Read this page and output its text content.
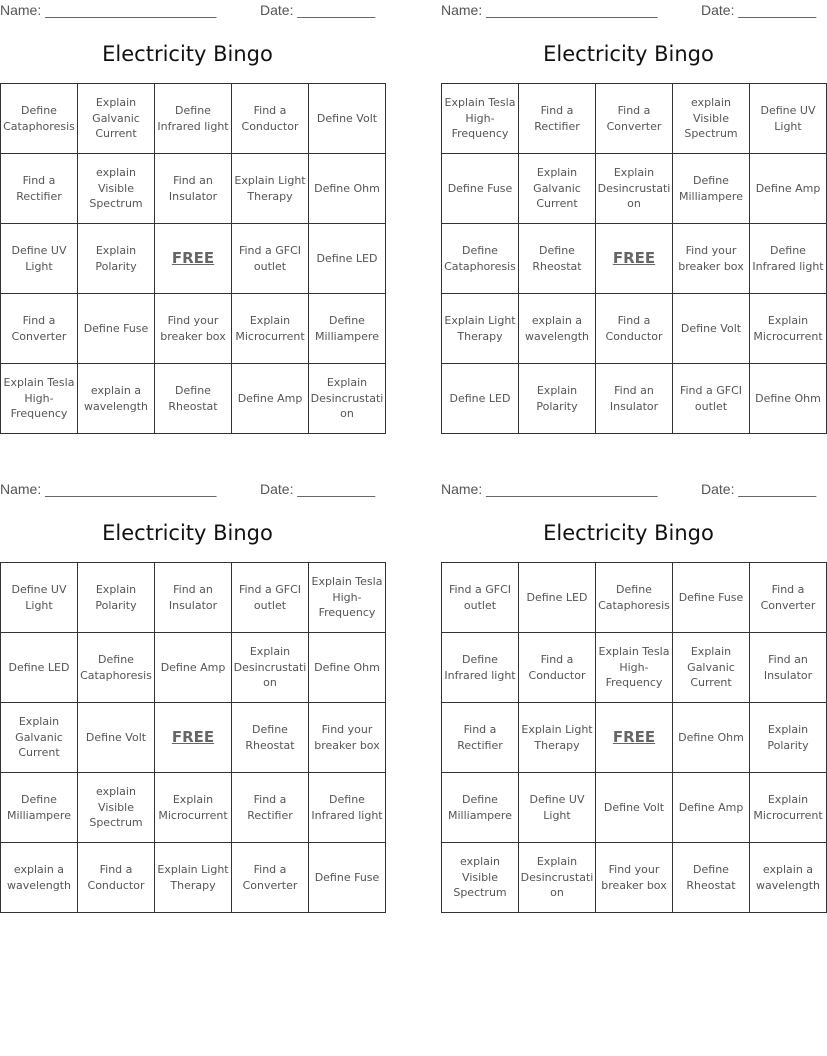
Name: ______________________	Date: __________
Electricity Bingo
Define Cataphoresis	Explain Galvanic Current	Define Infrared light	Find a Conductor	Define Volt
Find a Rectifier	explain Visible Spectrum	Find an Insulator	Explain Light Therapy	Define Ohm
Define UV Light	Explain Polarity	FREE	Find a GFCI outlet	Define LED
Find a Converter	Define Fuse	Find your breaker box	Explain Microcurrent	Define Milliampere
Explain Tesla High-Frequency	explain a wavelength	Define Rheostat	Define Amp	Explain Desincrustation
Name: ______________________	Date: __________
Electricity Bingo
Explain Tesla High-Frequency	Find a Rectifier	Find a Converter	explain Visible Spectrum	Define UV Light
Define Fuse	Explain Galvanic Current	Explain Desincrustation	Define Milliampere	Define Amp
Define Cataphoresis	Define Rheostat	FREE	Find your breaker box	Define Infrared light
Explain Light Therapy	explain a wavelength	Find a Conductor	Define Volt	Explain Microcurrent
Define LED	Explain Polarity	Find an Insulator	Find a GFCI outlet	Define Ohm
Name: ______________________	Date: __________
Electricity Bingo
Define UV Light	Explain Polarity	Find an Insulator	Find a GFCI outlet	Explain Tesla High-Frequency
Define LED	Define Cataphoresis	Define Amp	Explain Desincrustation	Define Ohm
Explain Galvanic Current	Define Volt	FREE	Define Rheostat	Find your breaker box
Define Milliampere	explain Visible Spectrum	Explain Microcurrent	Find a Rectifier	Define Infrared light
explain a wavelength	Find a Conductor	Explain Light Therapy	Find a Converter	Define Fuse
Name: ______________________	Date: __________
Electricity Bingo
Find a GFCI outlet	Define LED	Define Cataphoresis	Define Fuse	Find a Converter
Define Infrared light	Find a Conductor	Explain Tesla High-Frequency	Explain Galvanic Current	Find an Insulator
Find a Rectifier	Explain Light Therapy	FREE	Define Ohm	Explain Polarity
Define Milliampere	Define UV Light	Define Volt	Define Amp	Explain Microcurrent
explain Visible Spectrum	Explain Desincrustation	Find your breaker box	Define Rheostat	explain a wavelength
